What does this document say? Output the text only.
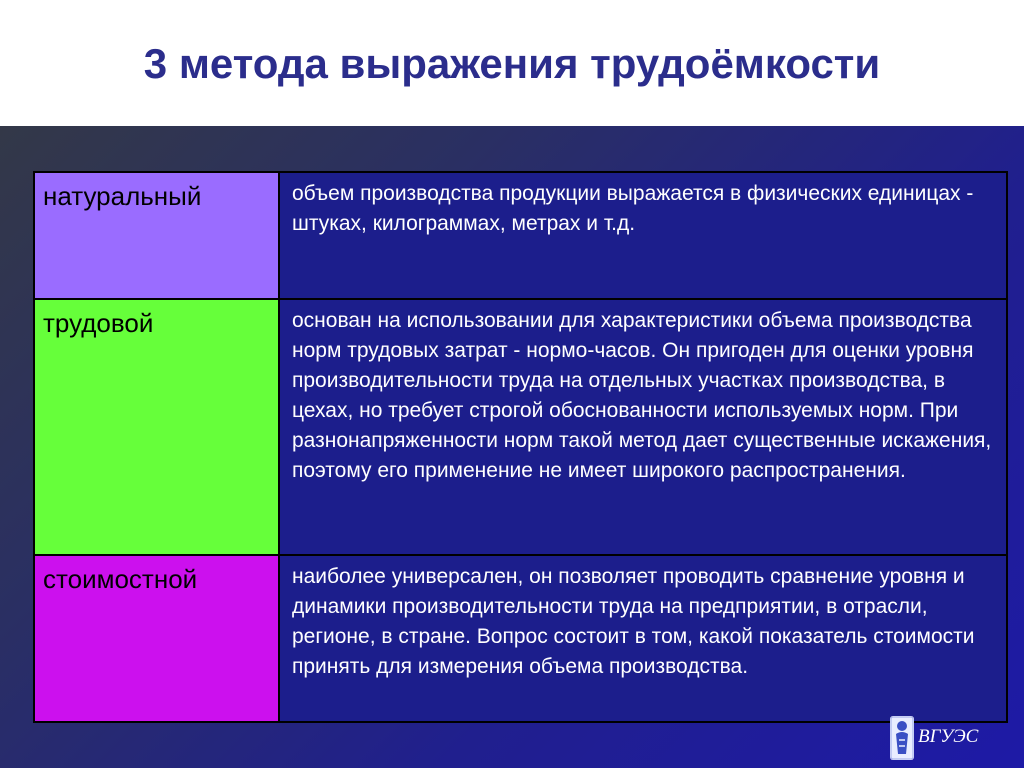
3 метода выражения трудоёмкости
натуральный	объем производства продукции выражается в физических единицах - штуках, килограммах, метрах и т.д.
трудовой	основан на использовании для характеристики объема производства норм трудовых затрат - нормо-часов. Он пригоден для оценки уровня производительности труда на отдельных участках производства, в цехах, но требует строгой обоснованности используемых норм. При разнонапряженности норм такой метод дает существенные искажения, поэтому его применение не имеет широкого распространения.
стоимостной	наиболее универсален, он позволяет проводить сравнение уровня и динамики производительности труда на предприятии, в отрасли, регионе, в стране. Вопрос состоит в том, какой показатель стоимости принять для измерения объема производства.
ВГУЭС
